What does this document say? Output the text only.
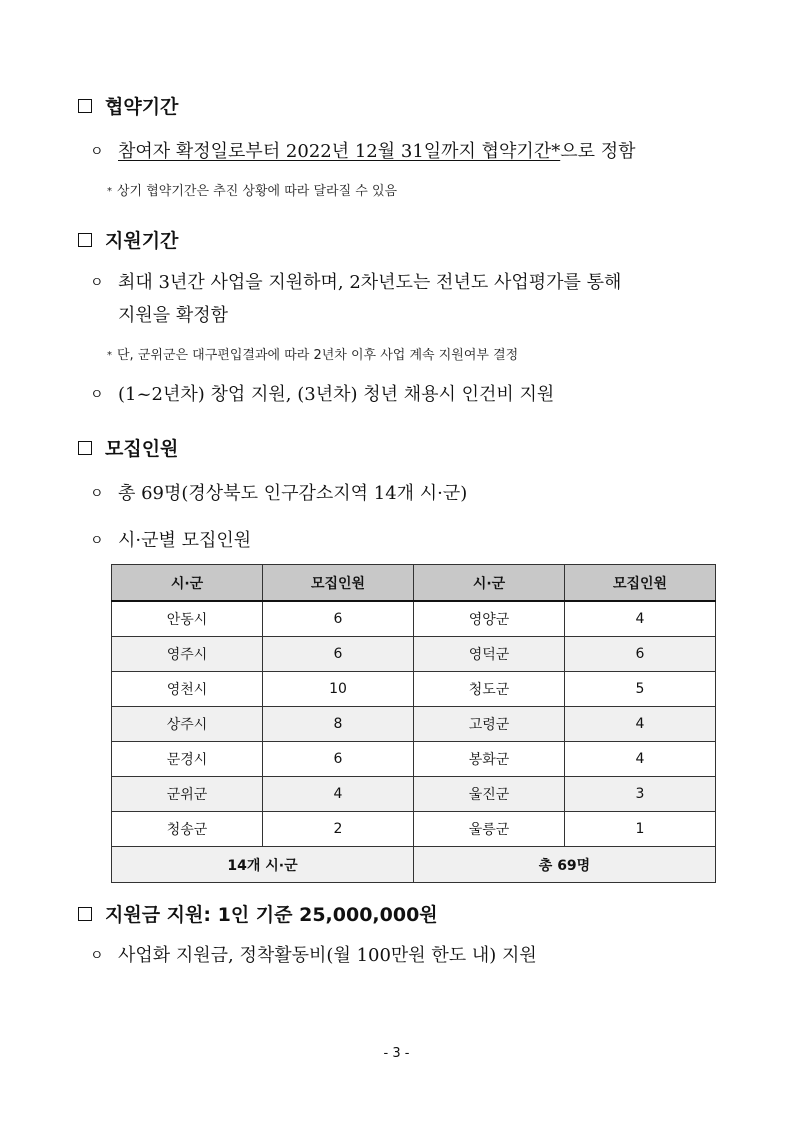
협약기간
ㅇ 참여자 확정일로부터 2022년 12월 31일까지 협약기간*으로 정함
* 상기 협약기간은 추진 상황에 따라 달라질 수 있음
지원기간
ㅇ 최대 3년간 사업을 지원하며, 2차년도는 전년도 사업평가를 통해
지원을 확정함
* 단, 군위군은 대구편입결과에 따라 2년차 이후 사업 계속 지원여부 결정
ㅇ (1~2년차) 창업 지원, (3년차) 청년 채용시 인건비 지원
모집인원
ㅇ 총 69명(경상북도 인구감소지역 14개 시·군)
ㅇ 시·군별 모집인원
시·군	모집인원	시·군	모집인원
안동시	6	영양군	4
영주시	6	영덕군	6
영천시	10	청도군	5
상주시	8	고령군	4
문경시	6	봉화군	4
군위군	4	울진군	3
청송군	2	울릉군	1
14개 시·군		총 69명	
지원금 지원: 1인 기준 25,000,000원
ㅇ 사업화 지원금, 정착활동비(월 100만원 한도 내) 지원
- 3 -
